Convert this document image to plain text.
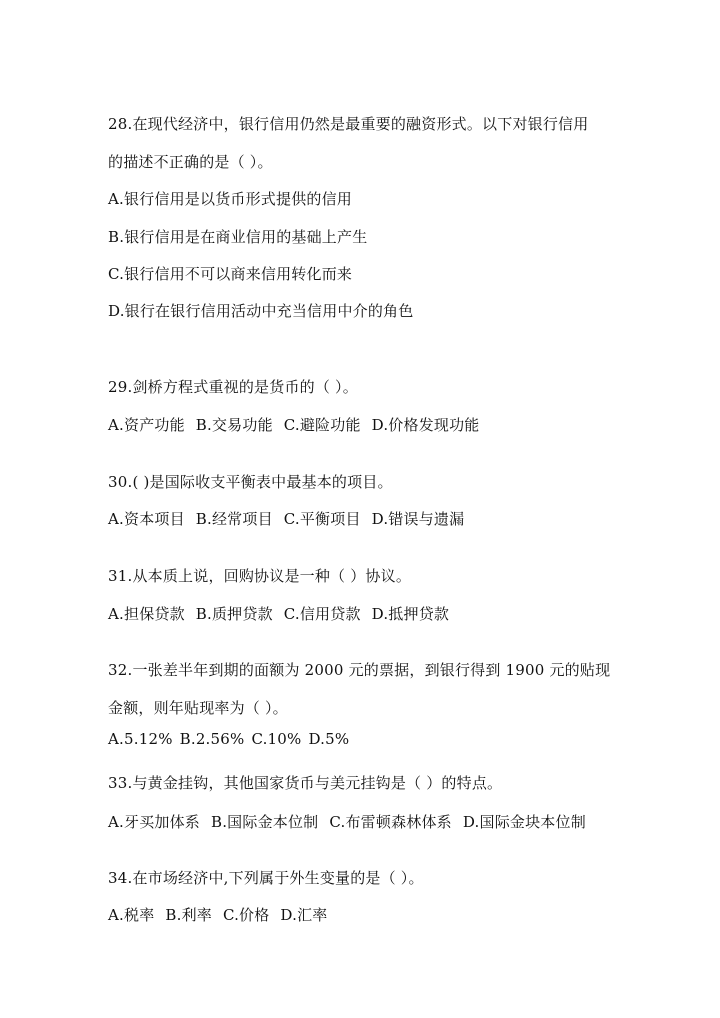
28.在现代经济中，银行信用仍然是最重要的融资形式。以下对银行信用
的描述不正确的是（ ）。
A.银行信用是以货币形式提供的信用
B.银行信用是在商业信用的基础上产生
C.银行信用不可以商来信用转化而来
D.银行在银行信用活动中充当信用中介的角色
29.剑桥方程式重视的是货币的（ ）。
A.资产功能 B.交易功能 C.避险功能 D.价格发现功能
30.( )是国际收支平衡表中最基本的项目。
A.资本项目 B.经常项目 C.平衡项目 D.错误与遗漏
31.从本质上说，回购协议是一种（ ）协议。
A.担保贷款 B.质押贷款 C.信用贷款 D.抵押贷款
32.一张差半年到期的面额为 2000 元的票据，到银行得到 1900 元的贴现
金额，则年贴现率为（ ）。
A.5.12% B.2.56% C.10% D.5%
33.与黄金挂钩，其他国家货币与美元挂钩是（ ）的特点。
A.牙买加体系 B.国际金本位制 C.布雷顿森林体系 D.国际金块本位制
34.在市场经济中,下列属于外生变量的是（ ）。
A.税率 B.利率 C.价格 D.汇率
